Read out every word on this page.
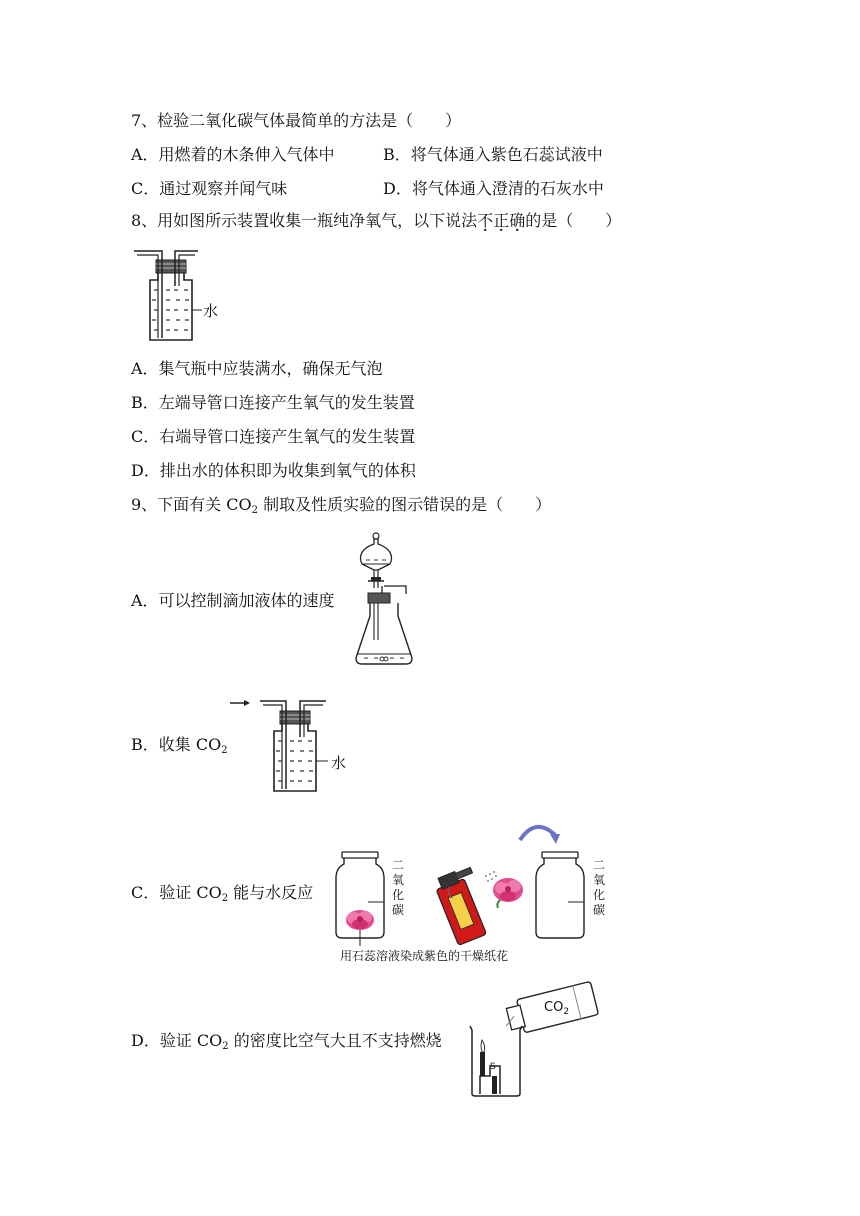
7、检验二氧化碳气体最简单的方法是（　　）
A．用燃着的木条伸入气体中	B．将气体通入紫色石蕊试液中
C．通过观察并闻气味	D．将气体通入澄清的石灰水中
8、用如图所示装置收集一瓶纯净氧气，以下说法不正确的是（　　）
水
A．集气瓶中应装满水，确保无气泡
B．左端导管口连接产生氧气的发生装置
C．右端导管口连接产生氧气的发生装置
D．排出水的体积即为收集到氧气的体积
9、下面有关 $CO_2$ 制取及性质实验的图示错误的是（　　）
A．可以控制滴加液体的速度
B．收集 $CO_2$
水
C．验证 $CO_2$ 能与水反应
二
氧
化
碳
二
氧
化
碳
用石蕊溶液染成紫色的干燥纸花
D．验证 $CO_2$ 的密度比空气大且不支持燃烧
$CO_2$
S
